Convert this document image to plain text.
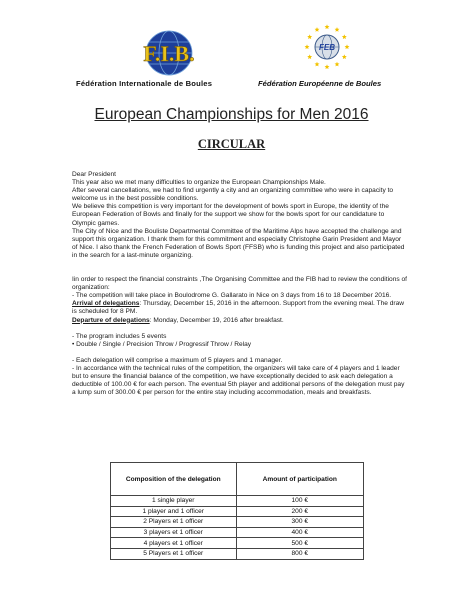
F.I.B.	FEB
Fédération Internationale de Boules	Fédération Européenne de Boules
European Championships for Men 2016
CIRCULAR

Dear President

This year also we met many difficulties to organize the European Championships Male.

After several cancellations, we had to find urgently a city and an organizing committee who were in capacity to welcome us in the best possible conditions.

We believe this competition is very important for the development of bowls sport in Europe, the identity of the European Federation of Bowls and finally for the support we show for the bowls sport for our candidature to Olympic games.

The City of Nice and the Bouliste Departmental Committee of the Maritime Alps have accepted the challenge and support this organization. I thank them for this commitment and especially Christophe Garin President and Mayor of Nice. I also thank the French Federation of Bowls Sport (FFSB) who is funding this project and also participated in the search for a last-minute organizing.

Iin order to respect the financial constraints ,The Organising Committee and the FIB had to review the conditions of organization:

- The competition will take place in Boulodrome G. Gallarato in Nice on 3 days from 16 to 18 December 2016.

Arrival of delegations: Thursday, December 15, 2016 in the afternoon. Support from the evening meal. The draw is scheduled for 8 PM.

Departure of delegations: Monday, December 19, 2016 after breakfast.

- The program includes 5 events

• Double / Single / Precision Throw / Progressif Throw / Relay

- Each delegation will comprise a maximum of 5 players and 1 manager.

- In accordance with the technical rules of the competition, the organizers will take care of 4 players and 1 leader but to ensure the financial balance of the competition, we have exceptionally decided to ask each delegation a deductible of 100.00 € for each person. The eventual 5th player and additional persons of the delegation must pay a lump sum of 300.00 € per person for the entire stay including accommodation, meals and breakfasts.

Composition of the delegation	Amount of participation
1 single player	100 €
1 player and 1 officer	200 €
2 Players et 1 officer	300 €
3 players et 1 officer	400 €
4 players et 1 officer	500 €
5 Players et 1 officer	800 €
